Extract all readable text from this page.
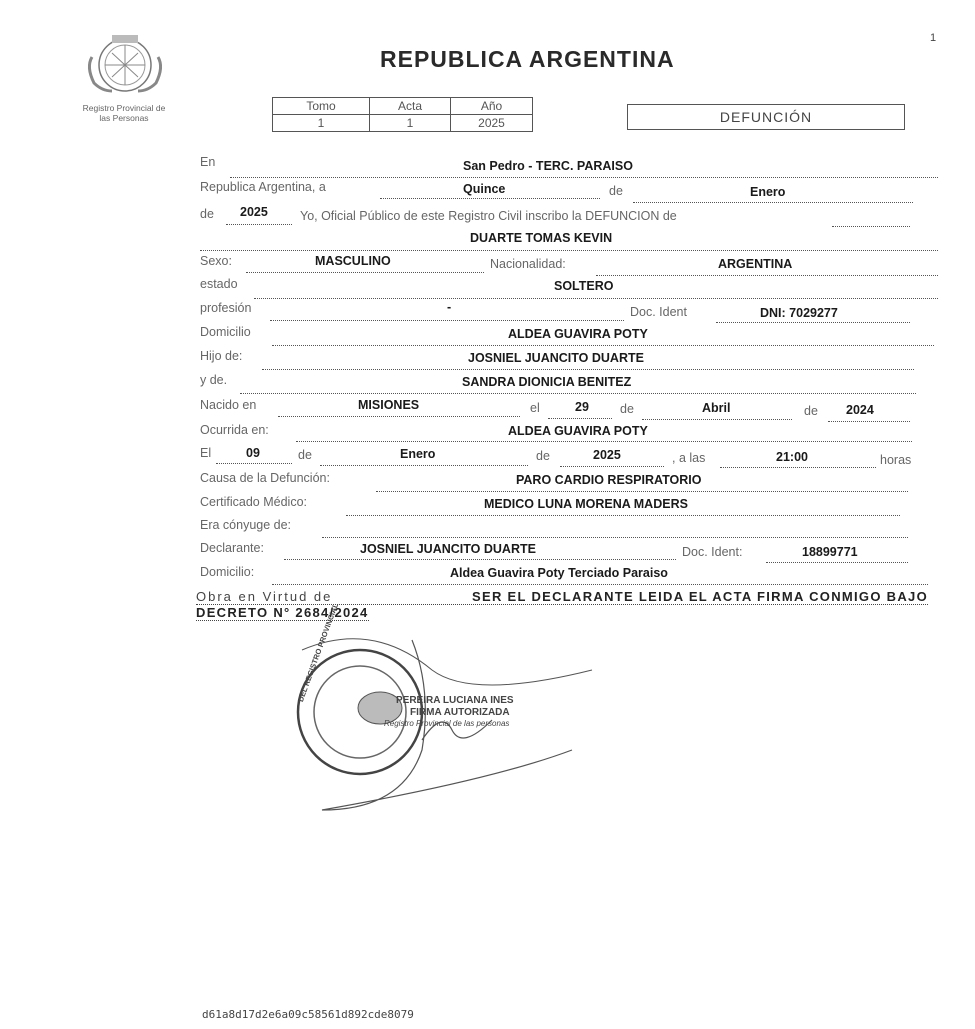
1
Registro Provincial de
las Personas
REPUBLICA ARGENTINA
Tomo	Acta	Año
1	1	2025	DEFUNCIÓN
En	San Pedro - TERC. PARAISO
Republica Argentina, a	Quince	de	Enero
de 2025	Yo, Oficial Público de este Registro Civil inscribo la DEFUNCION de
DUARTE TOMAS KEVIN
Sexo:	MASCULINO	Nacionalidad:	ARGENTINA
estado	SOLTERO
profesión	-	Doc. Ident	DNI: 7029277
Domicilio	ALDEA GUAVIRA POTY
Hijo de:	JOSNIEL JUANCITO DUARTE
y de.	SANDRA DIONICIA BENITEZ
Nacido en	MISIONES	el	29 de	Abril	de 2024
Ocurrida en:	ALDEA GUAVIRA POTY
El	09	de	Enero	de	2025	, a las	21:00	horas
Causa de la Defunción:	PARO CARDIO RESPIRATORIO
Certificado Médico:	MEDICO LUNA MORENA MADERS
Era cónyuge de:
Declarante:	JOSNIEL JUANCITO DUARTE	Doc. Ident:	18899771
Domicilio:	Aldea Guavira Poty Terciado Paraiso
Obra en Virtud de	SER EL DECLARANTE LEIDA EL ACTA FIRMA CONMIGO BAJO
DECRETO N° 2684/2024
PEREIRA LUCIANA INES
FIRMA AUTORIZADA
Registro Provincial de las personas
DEL REGISTRO PROVINCIAL
d61a8d17d2e6a09c58561d892cde8079
